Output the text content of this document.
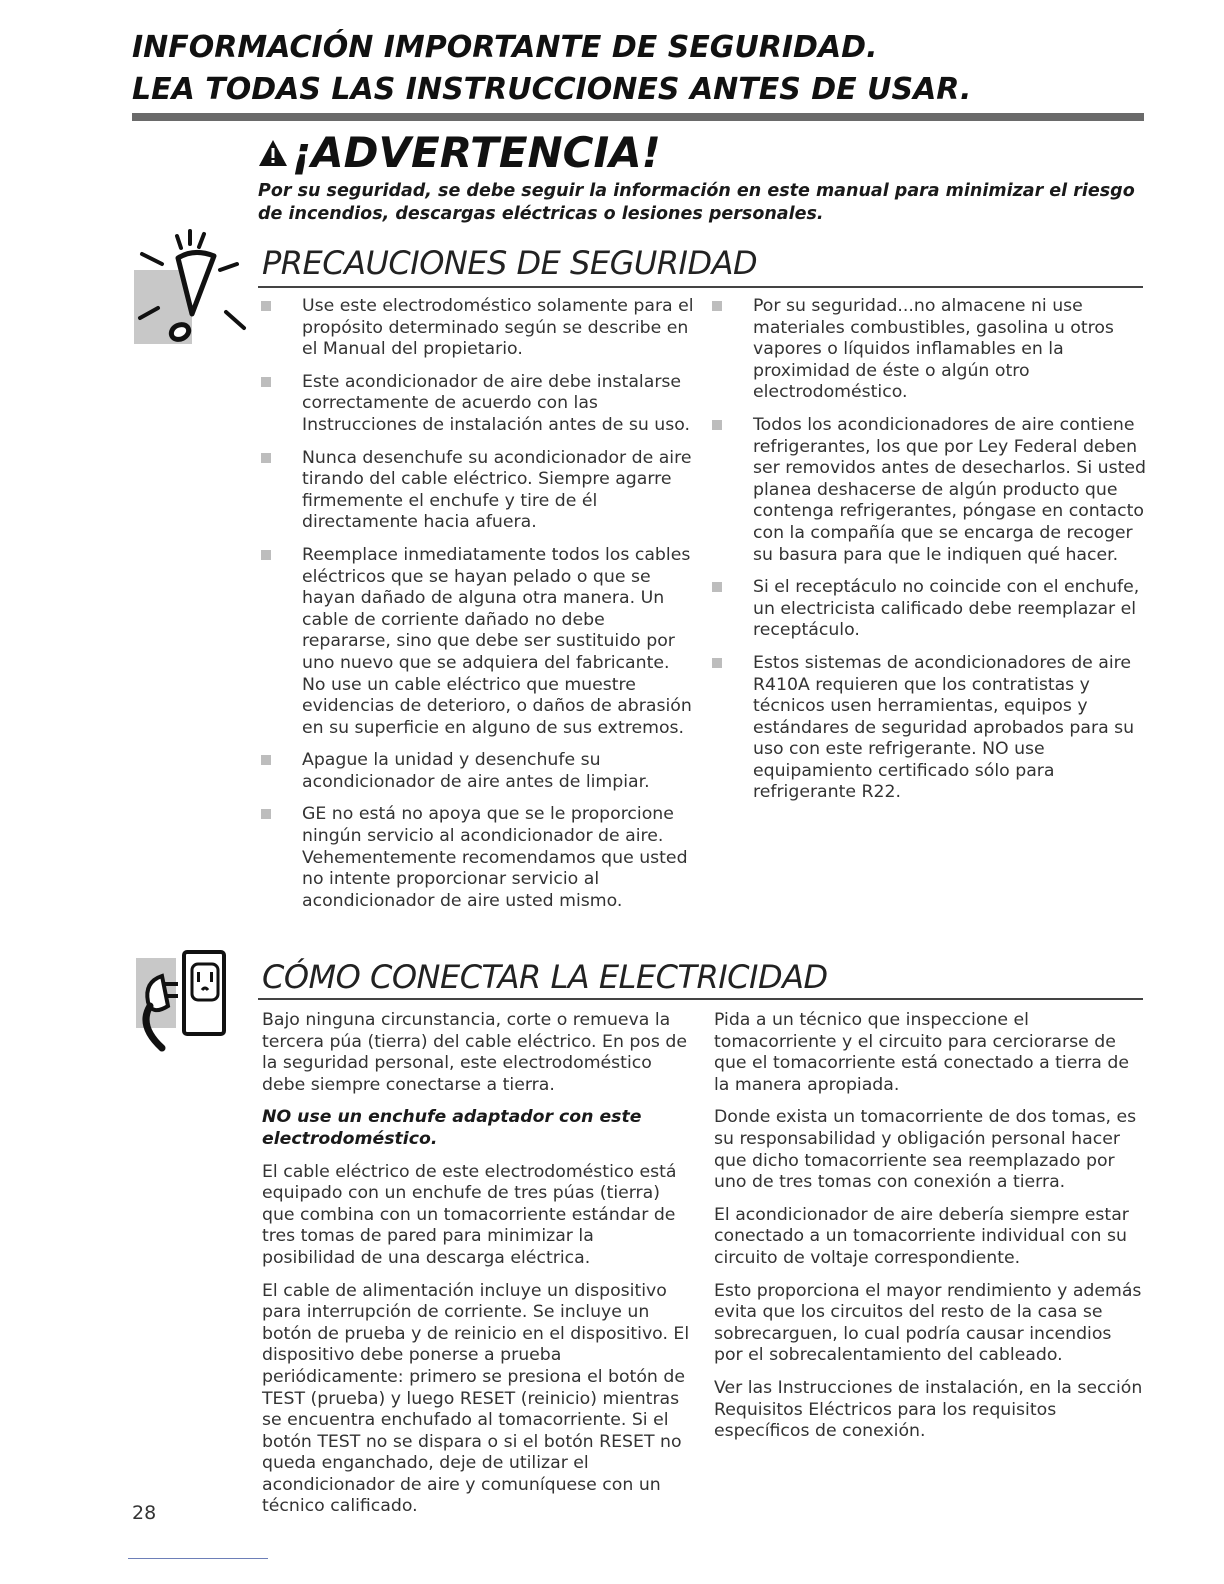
INFORMACIÓN IMPORTANTE DE SEGURIDAD.
LEA TODAS LAS INSTRUCCIONES ANTES DE USAR.
¡ADVERTENCIA!
Por su seguridad, se debe seguir la información en este manual para minimizar el riesgo de incendios, descargas eléctricas o lesiones personales.
PRECAUCIONES DE SEGURIDAD
Use este electrodoméstico solamente para el propósito determinado según se describe en el Manual del propietario.
Este acondicionador de aire debe instalarse correctamente de acuerdo con las Instrucciones de instalación antes de su uso.
Nunca desenchufe su acondicionador de aire tirando del cable eléctrico. Siempre agarre firmemente el enchufe y tire de él directamente hacia afuera.
Reemplace inmediatamente todos los cables eléctricos que se hayan pelado o que se hayan dañado de alguna otra manera. Un cable de corriente dañado no debe repararse, sino que debe ser sustituido por uno nuevo que se adquiera del fabricante. No use un cable eléctrico que muestre evidencias de deterioro, o daños de abrasión en su superficie en alguno de sus extremos.
Apague la unidad y desenchufe su acondicionador de aire antes de limpiar.
GE no está no apoya que se le proporcione ningún servicio al acondicionador de aire. Vehementemente recomendamos que usted no intente proporcionar servicio al acondicionador de aire usted mismo.
Por su seguridad...no almacene ni use materiales combustibles, gasolina u otros vapores o líquidos inflamables en la proximidad de éste o algún otro electrodoméstico.
Todos los acondicionadores de aire contiene refrigerantes, los que por Ley Federal deben ser removidos antes de desecharlos. Si usted planea deshacerse de algún producto que contenga refrigerantes, póngase en contacto con la compañía que se encarga de recoger su basura para que le indiquen qué hacer.
Si el receptáculo no coincide con el enchufe, un electricista calificado debe reemplazar el receptáculo.
Estos sistemas de acondicionadores de aire R410A requieren que los contratistas y técnicos usen herramientas, equipos y estándares de seguridad aprobados para su uso con este refrigerante. NO use equipamiento certificado sólo para refrigerante R22.
CÓMO CONECTAR LA ELECTRICIDAD

Bajo ninguna circunstancia, corte o remueva la tercera púa (tierra) del cable eléctrico. En pos de la seguridad personal, este electrodoméstico debe siempre conectarse a tierra.

NO use un enchufe adaptador con este electrodoméstico.

El cable eléctrico de este electrodoméstico está equipado con un enchufe de tres púas (tierra) que combina con un tomacorriente estándar de tres tomas de pared para minimizar la posibilidad de una descarga eléctrica.

El cable de alimentación incluye un dispositivo para interrupción de corriente. Se incluye un botón de prueba y de reinicio en el dispositivo. El dispositivo debe ponerse a prueba periódicamente: primero se presiona el botón de TEST (prueba) y luego RESET (reinicio) mientras se encuentra enchufado al tomacorriente. Si el botón TEST no se dispara o si el botón RESET no queda enganchado, deje de utilizar el acondicionador de aire y comuníquese con un técnico calificado.

Pida a un técnico que inspeccione el tomacorriente y el circuito para cerciorarse de que el tomacorriente está conectado a tierra de la manera apropiada.

Donde exista un tomacorriente de dos tomas, es su responsabilidad y obligación personal hacer que dicho tomacorriente sea reemplazado por uno de tres tomas con conexión a tierra.

El acondicionador de aire debería siempre estar conectado a un tomacorriente individual con su circuito de voltaje correspondiente.

Esto proporciona el mayor rendimiento y además evita que los circuitos del resto de la casa se sobrecarguen, lo cual podría causar incendios por el sobrecalentamiento del cableado.

Ver las Instrucciones de instalación, en la sección Requisitos Eléctricos para los requisitos específicos de conexión.

28
